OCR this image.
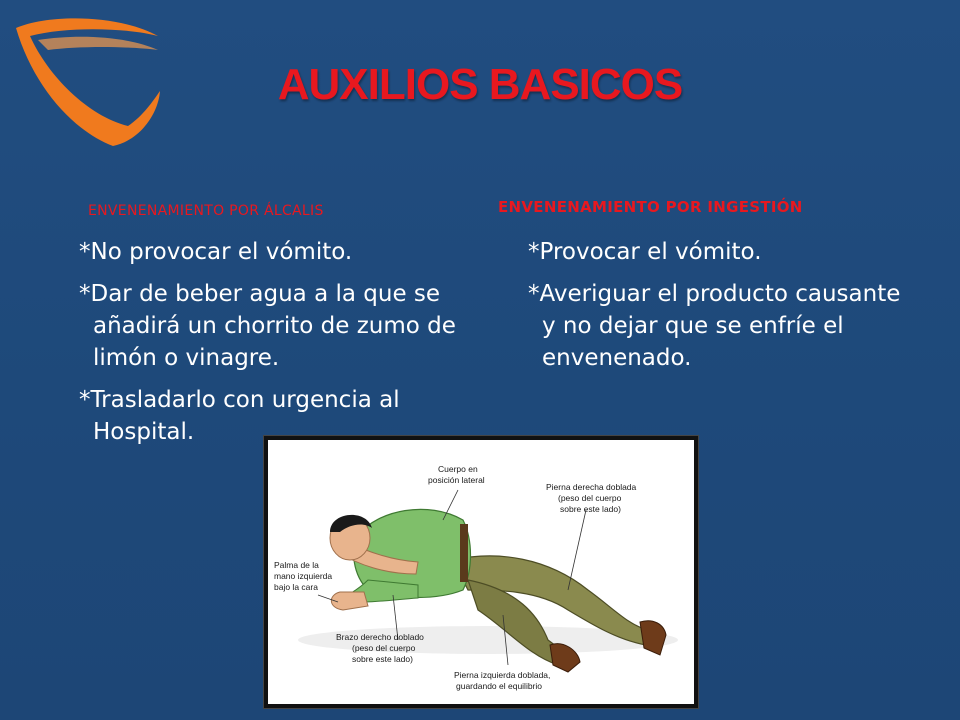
AUXILIOS BASICOS
ENVENENAMIENTO POR ÁLCALIS	ENVENENAMIENTO POR INGESTIÓN
*No provocar el vómito.
*Dar de beber agua a la que se añadirá un chorrito de zumo de limón o vinagre.
*Trasladarlo con urgencia al Hospital.
*Provocar el vómito.
*Averiguar el producto causante y no dejar que se enfríe el envenenado.
Cuerpo en
posición lateral
Pierna derecha doblada
(peso del cuerpo
sobre este lado)
Palma de la
mano izquierda
bajo la cara
Brazo derecho doblado
(peso del cuerpo
sobre este lado)
Pierna izquierda doblada,
guardando el equilibrio
